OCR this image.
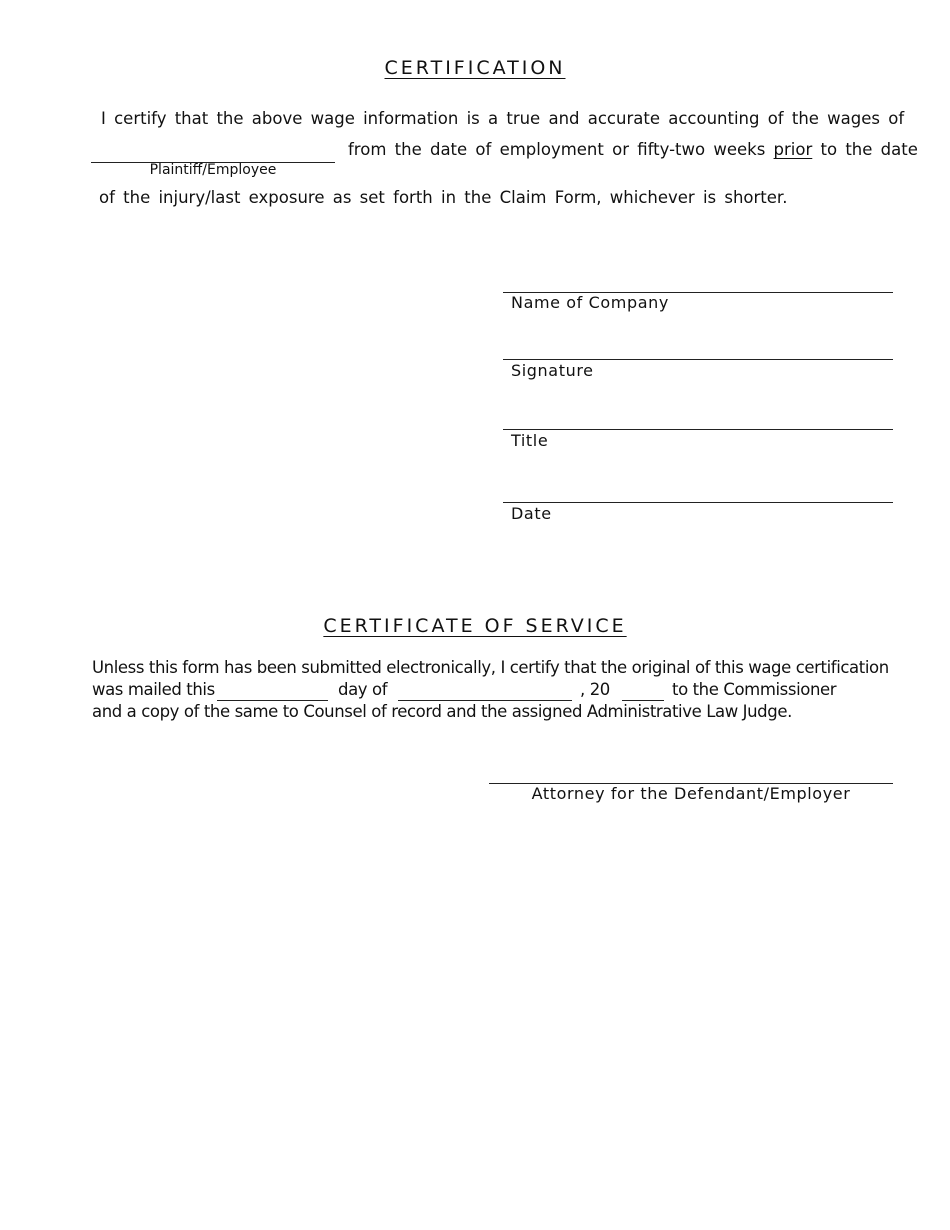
CERTIFICATION
I certify that the above wage information is a true and accurate accounting of the wages of
Plaintiff/Employee
from the date of employment or fifty-two weeks prior to the date
of the injury/last exposure as set forth in the Claim Form, whichever is shorter.
Name of Company
Signature
Title
Date
CERTIFICATE OF SERVICE
Unless this form has been submitted electronically, I certify that the original of this wage certification
was mailed this	day of	, 20	to the Commissioner
and a copy of the same to Counsel of record and the assigned Administrative Law Judge.
Attorney for the Defendant/Employer
